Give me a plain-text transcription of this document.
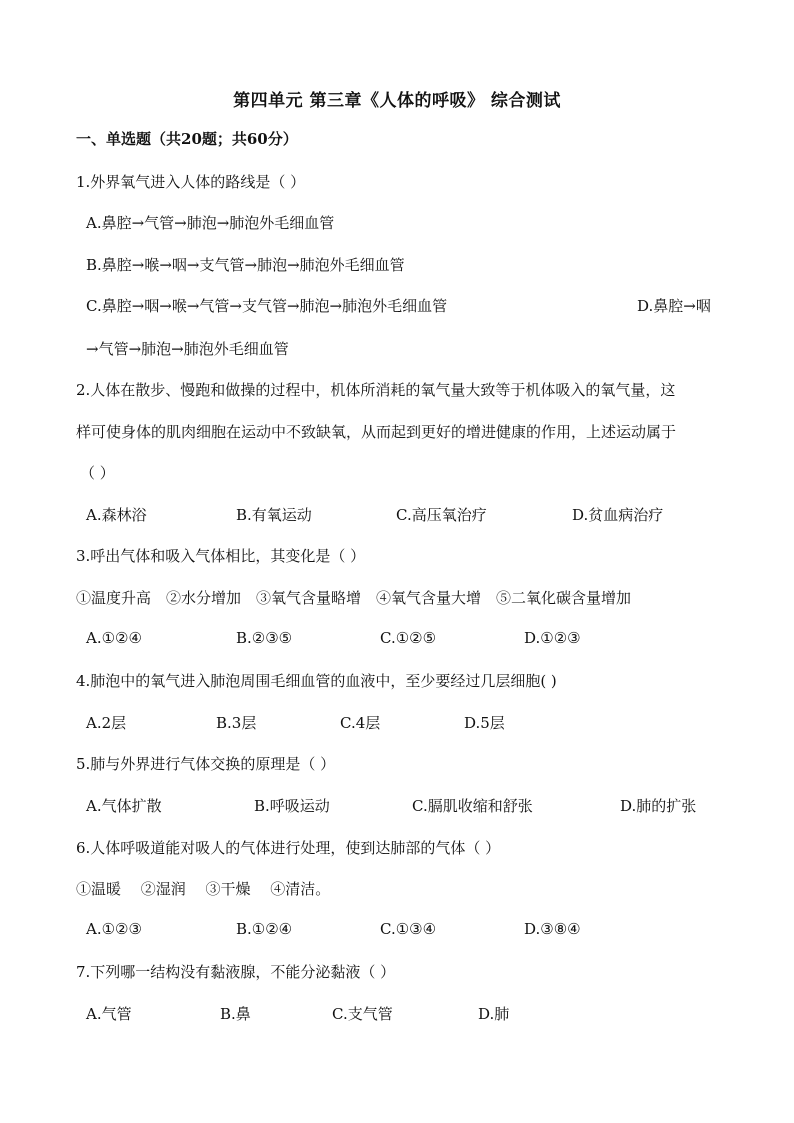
第四单元 第三章《人体的呼吸》 综合测试
一、单选题（共20题；共60分）
1.外界氧气进入人体的路线是（ ）
A.鼻腔→气管→肺泡→肺泡外毛细血管
B.鼻腔→喉→咽→支气管→肺泡→肺泡外毛细血管
C.鼻腔→咽→喉→气管→支气管→肺泡→肺泡外毛细血管	D.鼻腔→咽
→气管→肺泡→肺泡外毛细血管
2.人体在散步、慢跑和做操的过程中，机体所消耗的氧气量大致等于机体吸入的氧气量，这
样可使身体的肌肉细胞在运动中不致缺氧，从而起到更好的增进健康的作用，上述运动属于
（ ）
A.森林浴	B.有氧运动	C.高压氧治疗	D.贫血病治疗
3.呼出气体和吸入气体相比，其变化是（ ）
①温度升高　②水分增加　③氧气含量略增　④氧气含量大增　⑤二氧化碳含量增加
A.①②④	B.②③⑤	C.①②⑤	D.①②③
4.肺泡中的氧气进入肺泡周围毛细血管的血液中，至少要经过几层细胞( )
A.2层	B.3层	C.4层	D.5层
5.肺与外界进行气体交换的原理是（ ）
A.气体扩散	B.呼吸运动	C.膈肌收缩和舒张	D.肺的扩张
6.人体呼吸道能对吸人的气体进行处理，使到达肺部的气体（ ）
①温暖　 ②湿润　 ③干燥　 ④清洁。
A.①②③	B.①②④	C.①③④	D.③⑧④
7.下列哪一结构没有黏液腺，不能分泌黏液（ ）
A.气管	B.鼻	C.支气管	D.肺
